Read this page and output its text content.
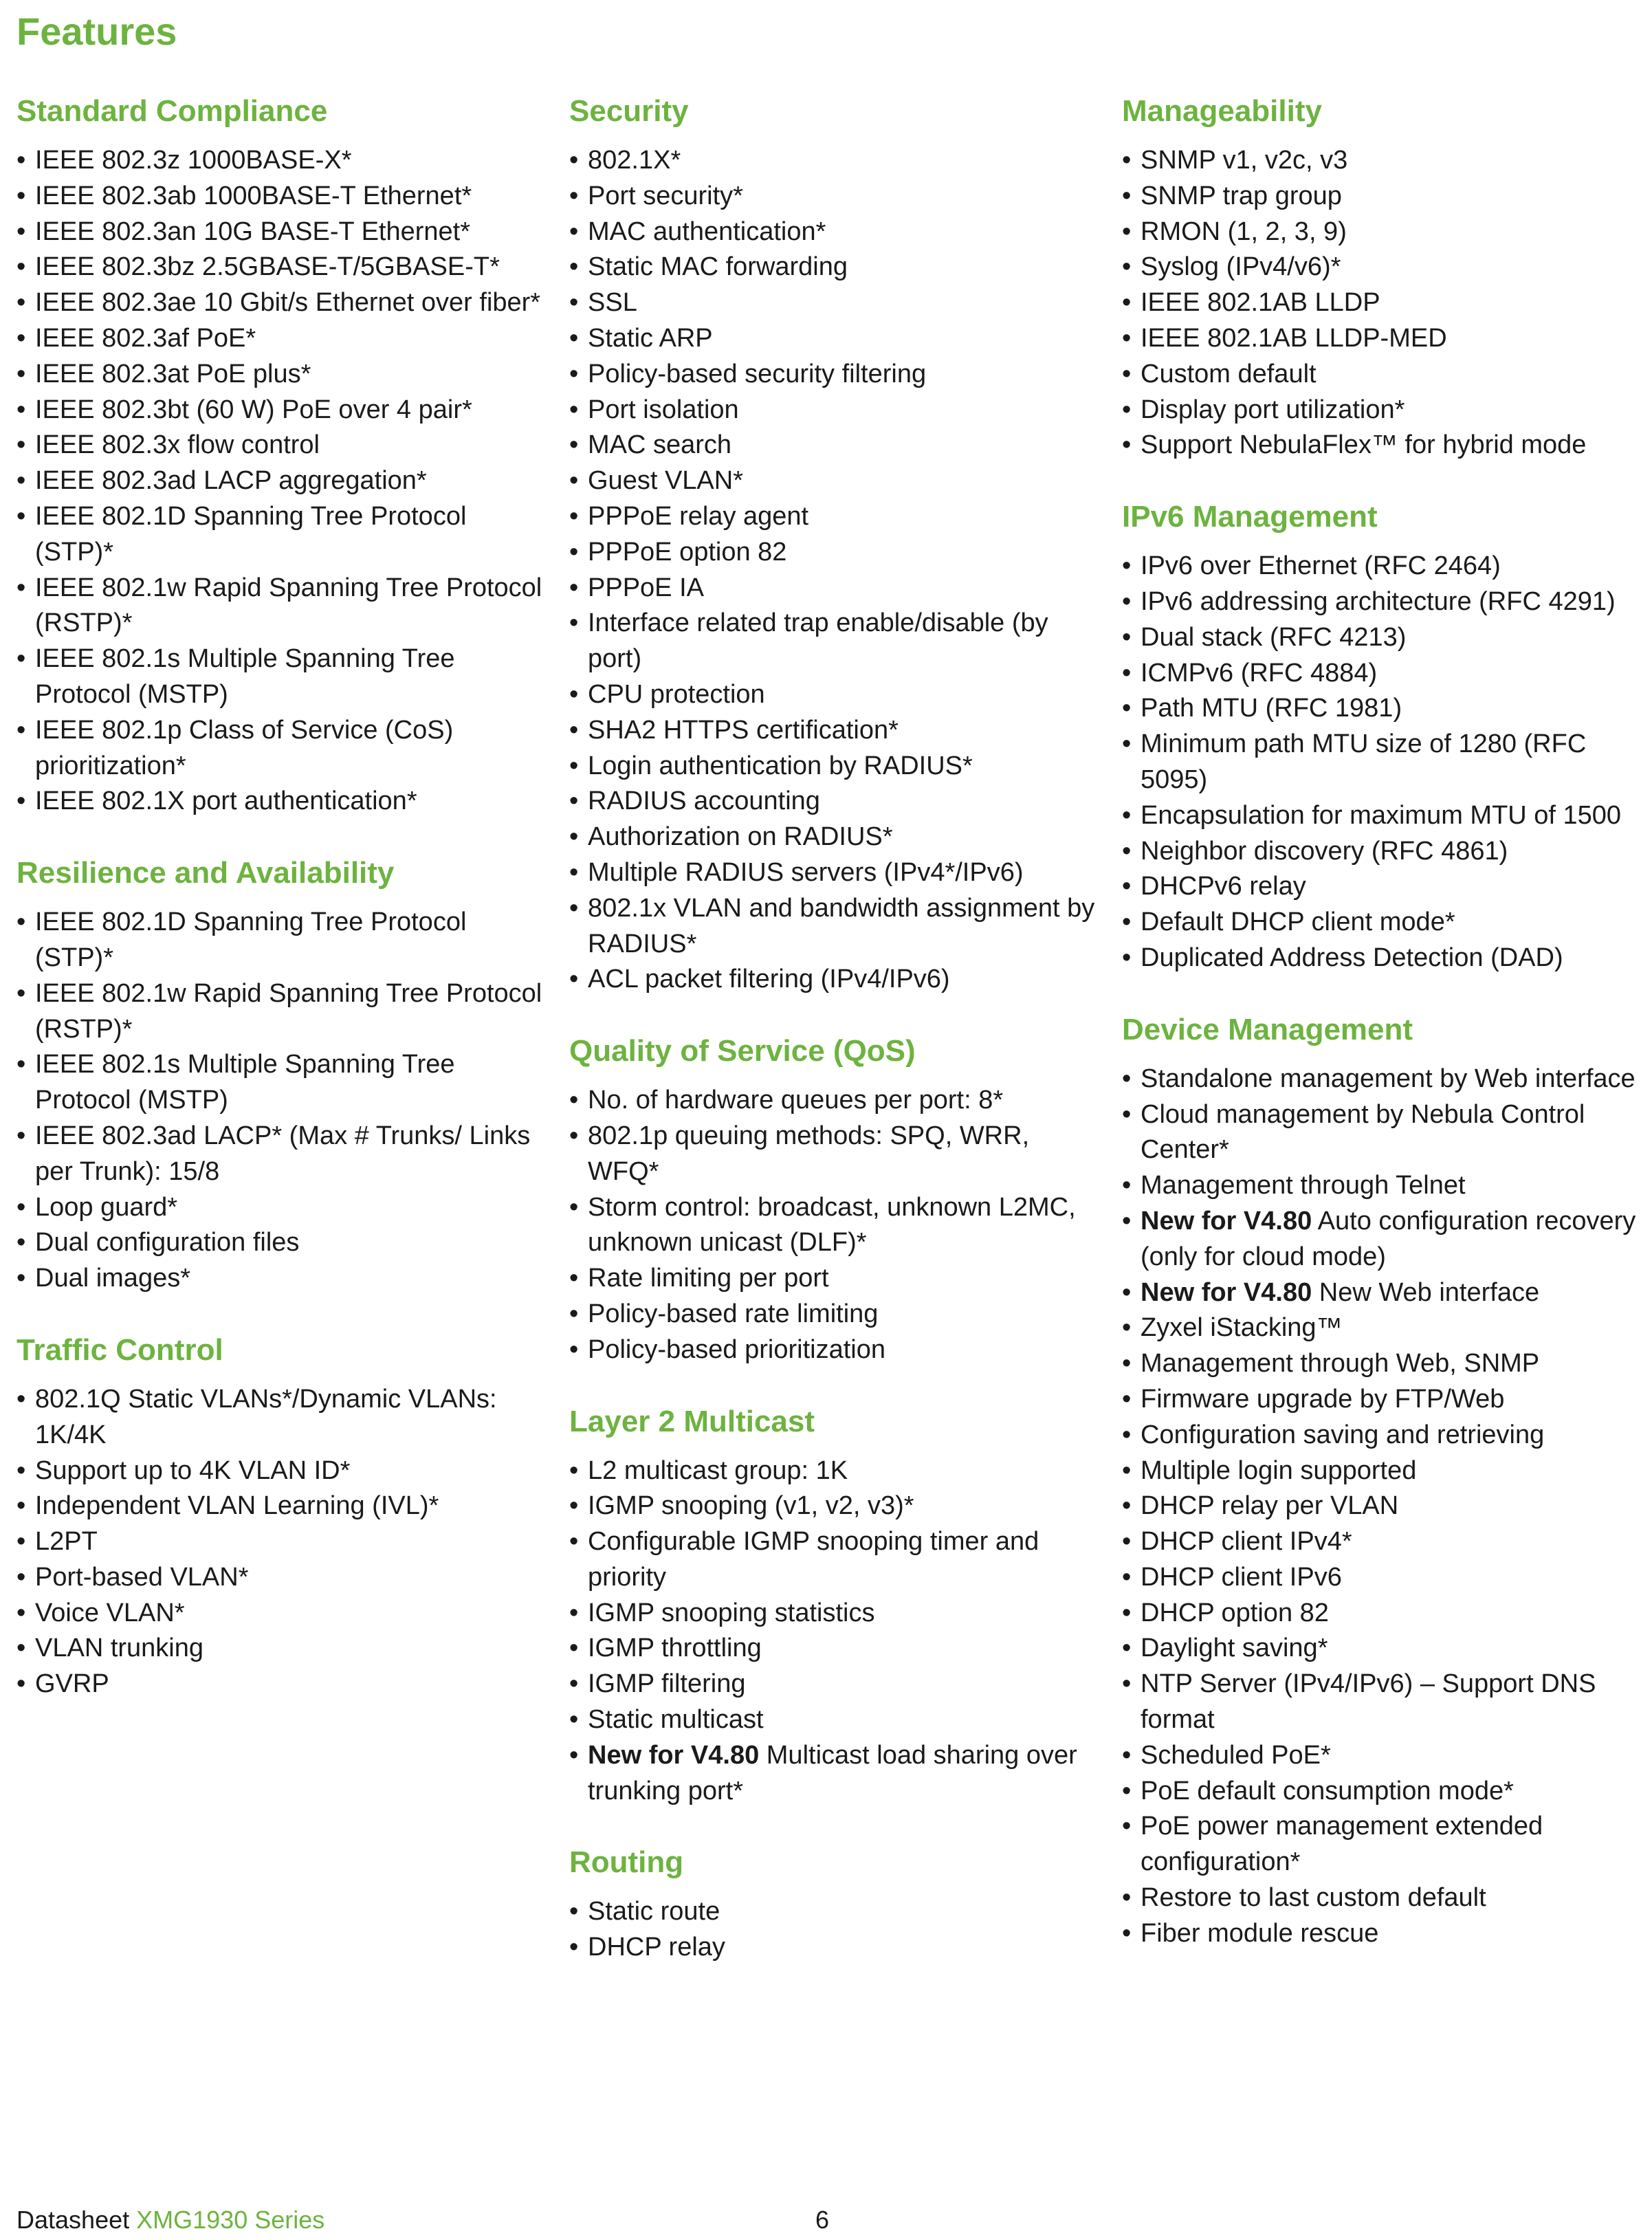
Features
Standard Compliance
• IEEE 802.3z 1000BASE-X*
• IEEE 802.3ab 1000BASE-T Ethernet*
• IEEE 802.3an 10G BASE-T Ethernet*
• IEEE 802.3bz 2.5GBASE-T/5GBASE-T*
• IEEE 802.3ae 10 Gbit/s Ethernet over fiber*
• IEEE 802.3af PoE*
• IEEE 802.3at PoE plus*
• IEEE 802.3bt (60 W) PoE over 4 pair*
• IEEE 802.3x flow control
• IEEE 802.3ad LACP aggregation*
• IEEE 802.1D Spanning Tree Protocol (STP)*
• IEEE 802.1w Rapid Spanning Tree Protocol (RSTP)*
• IEEE 802.1s Multiple Spanning Tree Protocol (MSTP)
• IEEE 802.1p Class of Service (CoS) prioritization*
• IEEE 802.1X port authentication*
Resilience and Availability
• IEEE 802.1D Spanning Tree Protocol (STP)*
• IEEE 802.1w Rapid Spanning Tree Protocol (RSTP)*
• IEEE 802.1s Multiple Spanning Tree Protocol (MSTP)
• IEEE 802.3ad LACP* (Max # Trunks/ Links per Trunk): 15/8
• Loop guard*
• Dual configuration files
• Dual images*
Traffic Control
• 802.1Q Static VLANs*/Dynamic VLANs: 1K/4K
• Support up to 4K VLAN ID*
• Independent VLAN Learning (IVL)*
• L2PT
• Port-based VLAN*
• Voice VLAN*
• VLAN trunking
• GVRP
Security
• 802.1X*
• Port security*
• MAC authentication*
• Static MAC forwarding
• SSL
• Static ARP
• Policy-based security filtering
• Port isolation
• MAC search
• Guest VLAN*
• PPPoE relay agent
• PPPoE option 82
• PPPoE IA
• Interface related trap enable/disable (by port)
• CPU protection
• SHA2 HTTPS certification*
• Login authentication by RADIUS*
• RADIUS accounting
• Authorization on RADIUS*
• Multiple RADIUS servers (IPv4*/IPv6)
• 802.1x VLAN and bandwidth assignment by RADIUS*
• ACL packet filtering (IPv4/IPv6)
Quality of Service (QoS)
• No. of hardware queues per port: 8*
• 802.1p queuing methods: SPQ, WRR, WFQ*
• Storm control: broadcast, unknown L2MC, unknown unicast (DLF)*
• Rate limiting per port
• Policy-based rate limiting
• Policy-based prioritization
Layer 2 Multicast
• L2 multicast group: 1K
• IGMP snooping (v1, v2, v3)*
• Configurable IGMP snooping timer and priority
• IGMP snooping statistics
• IGMP throttling
• IGMP filtering
• Static multicast
• New for V4.80 Multicast load sharing over trunking port*
Routing
• Static route
• DHCP relay
Manageability
• SNMP v1, v2c, v3
• SNMP trap group
• RMON (1, 2, 3, 9)
• Syslog (IPv4/v6)*
• IEEE 802.1AB LLDP
• IEEE 802.1AB LLDP-MED
• Custom default
• Display port utilization*
• Support NebulaFlex™ for hybrid mode
IPv6 Management
• IPv6 over Ethernet (RFC 2464)
• IPv6 addressing architecture (RFC 4291)
• Dual stack (RFC 4213)
• ICMPv6 (RFC 4884)
• Path MTU (RFC 1981)
• Minimum path MTU size of 1280 (RFC 5095)
• Encapsulation for maximum MTU of 1500
• Neighbor discovery (RFC 4861)
• DHCPv6 relay
• Default DHCP client mode*
• Duplicated Address Detection (DAD)
Device Management
• Standalone management by Web interface
• Cloud management by Nebula Control Center*
• Management through Telnet
• New for V4.80 Auto configuration recovery (only for cloud mode)
• New for V4.80 New Web interface
• Zyxel iStacking™
• Management through Web, SNMP
• Firmware upgrade by FTP/Web
• Configuration saving and retrieving
• Multiple login supported
• DHCP relay per VLAN
• DHCP client IPv4*
• DHCP client IPv6
• DHCP option 82
• Daylight saving*
• NTP Server (IPv4/IPv6) – Support DNS format
• Scheduled PoE*
• PoE default consumption mode*
• PoE power management extended configuration*
• Restore to last custom default
• Fiber module rescue
Datasheet XMG1930 Series	6
